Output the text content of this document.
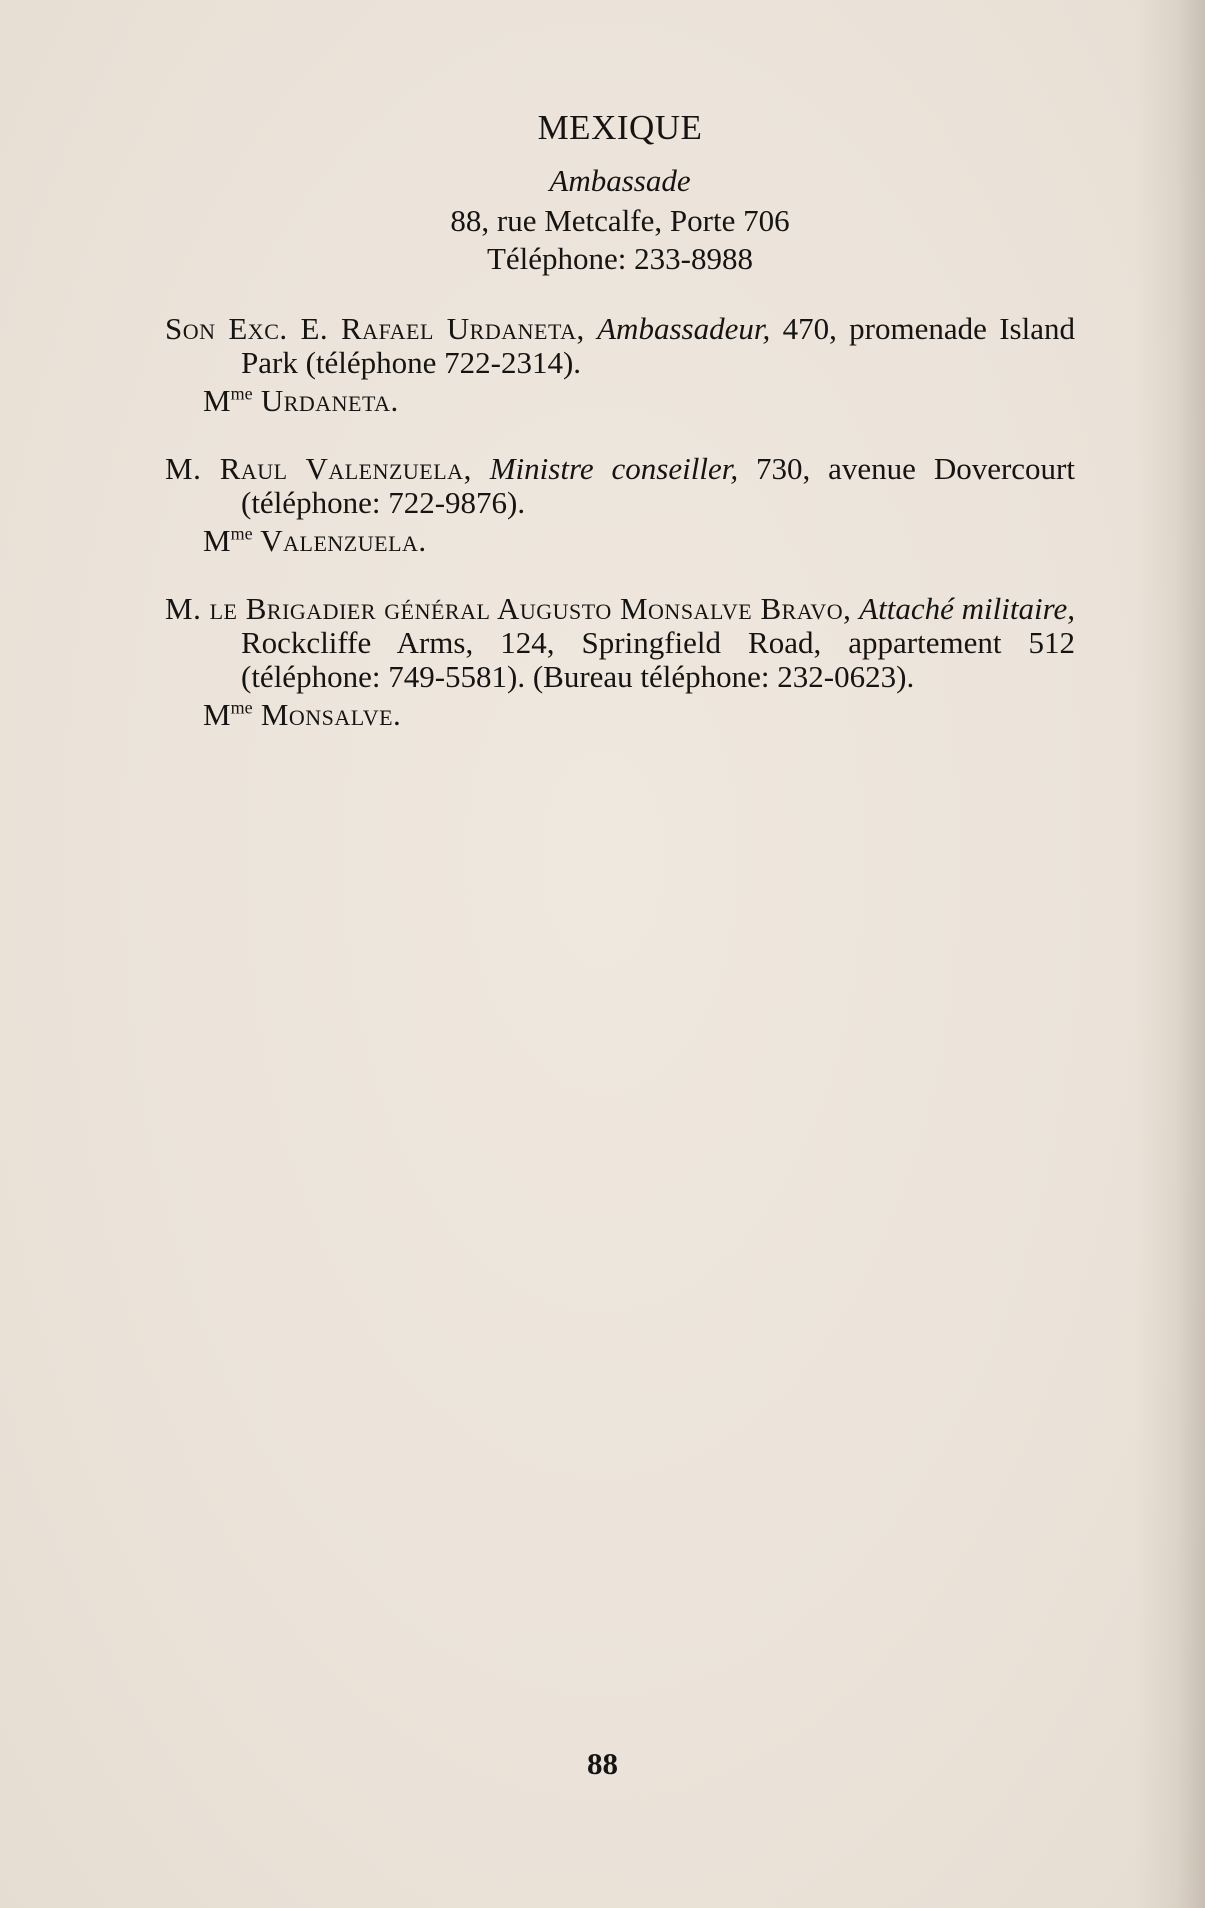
MEXIQUE
Ambassade
88, rue Metcalfe, Porte 706
Téléphone: 233-8988

Son Exc. E. Rafael Urdaneta, Ambassadeur, 470, promenade Island Park (téléphone 722-2314).

$M^{me}$ Urdaneta.

M. Raul Valenzuela, Ministre conseiller, 730, avenue Dovercourt (téléphone: 722-9876).

$M^{me}$ Valenzuela.

M. le Brigadier général Augusto Monsalve Bravo, Attaché militaire, Rockcliffe Arms, 124, Springfield Road, appartement 512 (téléphone: 749-5581). (Bureau téléphone: 232-0623).

$M^{me}$ Monsalve.
88
